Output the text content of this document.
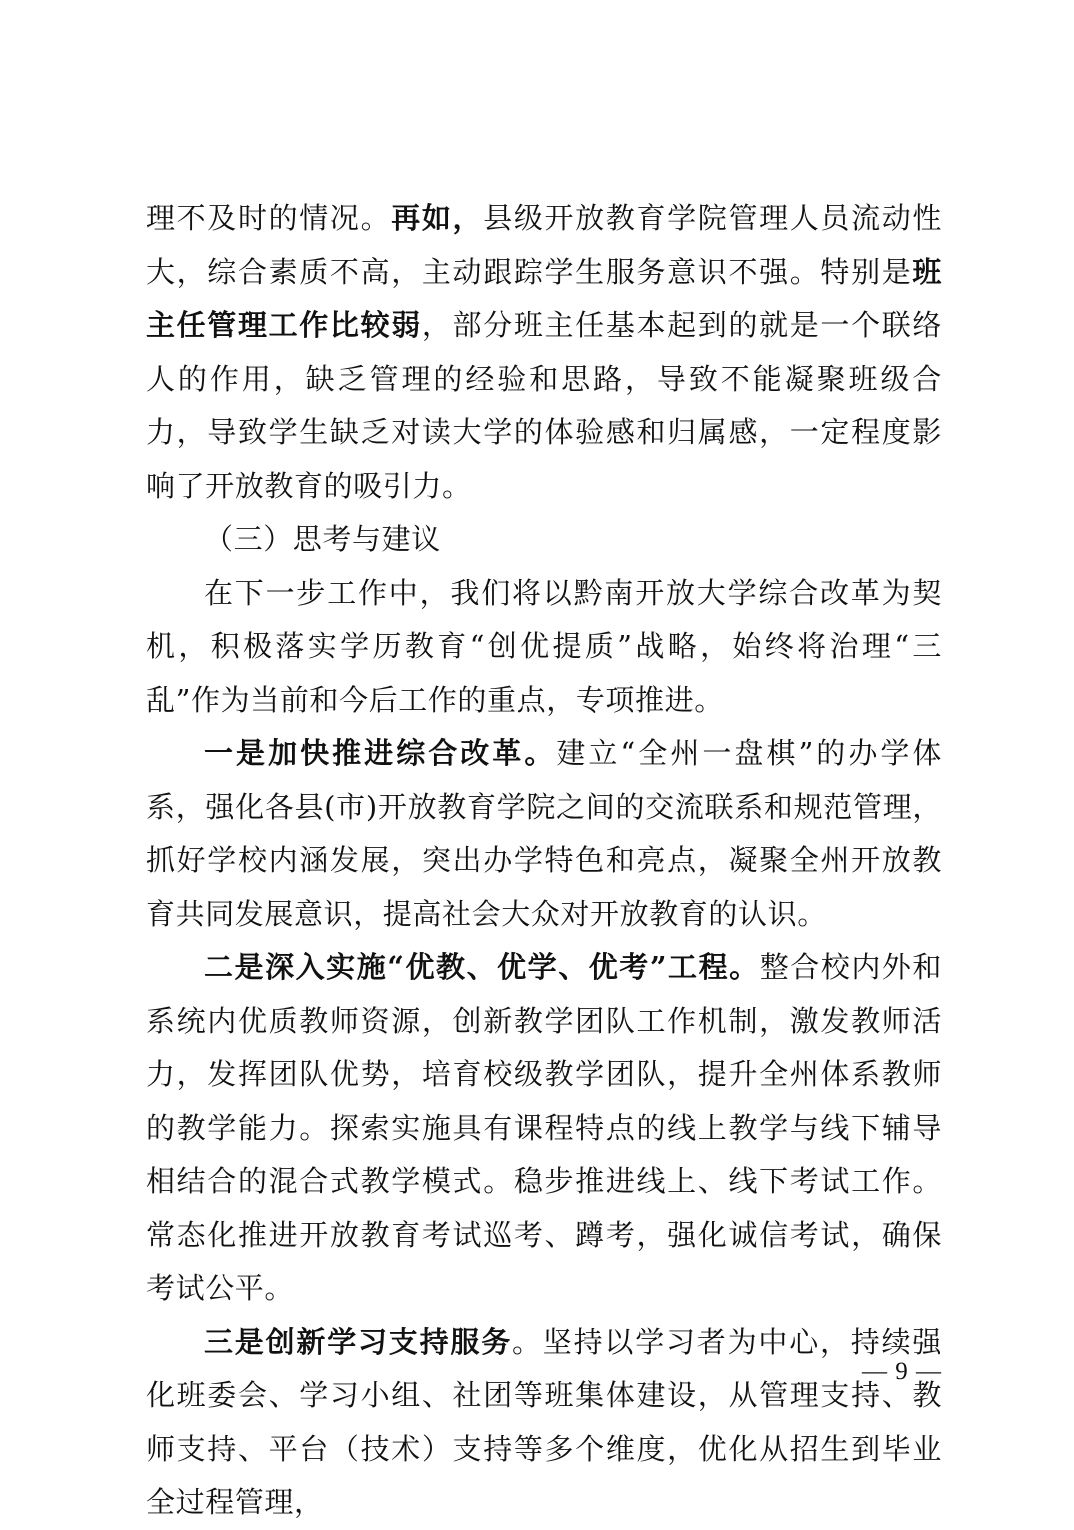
理不及时的情况。再如，县级开放教育学院管理人员流动性大，综合素质不高，主动跟踪学生服务意识不强。特别是班主任管理工作比较弱，部分班主任基本起到的就是一个联络人的作用，缺乏管理的经验和思路，导致不能凝聚班级合力，导致学生缺乏对读大学的体验感和归属感，一定程度影响了开放教育的吸引力。

（三）思考与建议

在下一步工作中，我们将以黔南开放大学综合改革为契机，积极落实学历教育“创优提质”战略，始终将治理“三乱”作为当前和今后工作的重点，专项推进。

一是加快推进综合改革。建立“全州一盘棋”的办学体系，强化各县(市)开放教育学院之间的交流联系和规范管理，抓好学校内涵发展，突出办学特色和亮点，凝聚全州开放教育共同发展意识，提高社会大众对开放教育的认识。

二是深入实施“优教、优学、优考”工程。整合校内外和系统内优质教师资源，创新教学团队工作机制，激发教师活力，发挥团队优势，培育校级教学团队，提升全州体系教师的教学能力。探索实施具有课程特点的线上教学与线下辅导相结合的混合式教学模式。稳步推进线上、线下考试工作。常态化推进开放教育考试巡考、蹲考，强化诚信考试，确保考试公平。

三是创新学习支持服务。坚持以学习者为中心，持续强化班委会、学习小组、社团等班集体建设，从管理支持、教师支持、平台（技术）支持等多个维度，优化从招生到毕业全过程管理，

— 9 —
